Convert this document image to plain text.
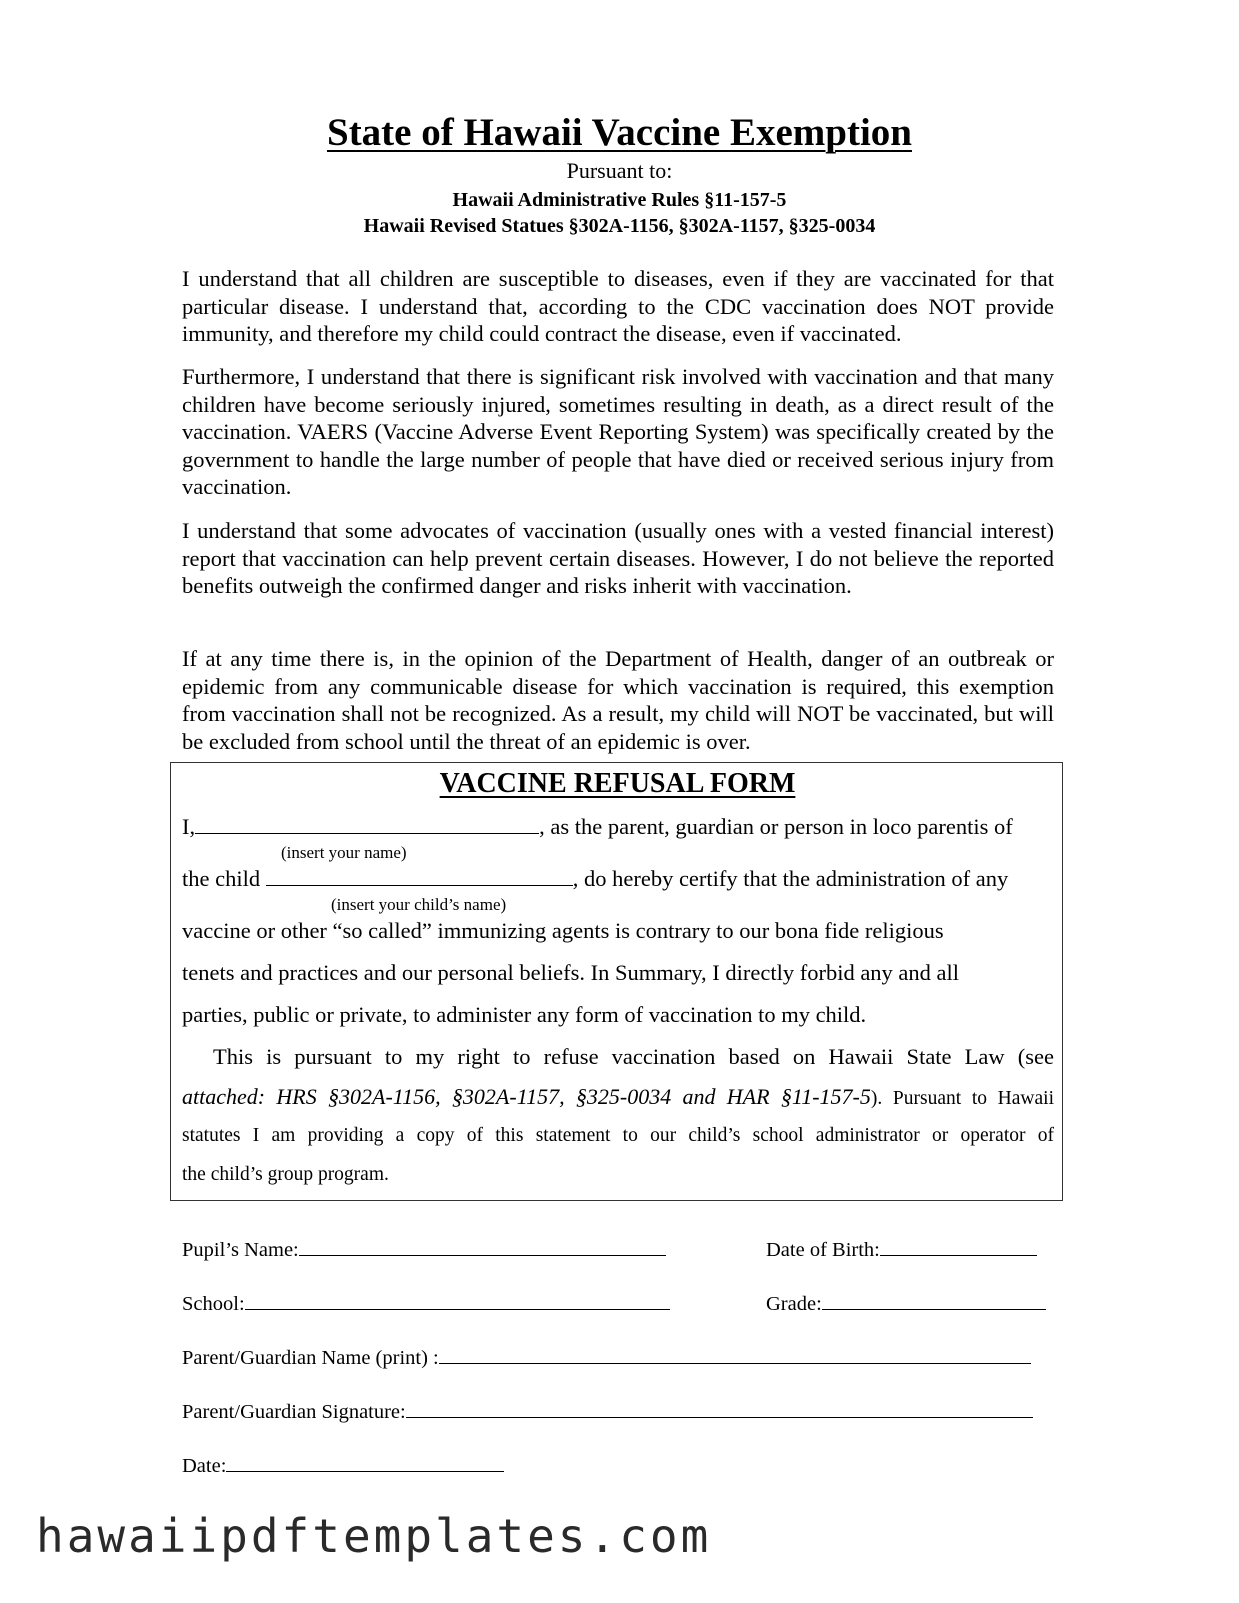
State of Hawaii Vaccine Exemption
Pursuant to:
Hawaii Administrative Rules §11-157-5
Hawaii Revised Statues §302A-1156, §302A-1157, §325-0034

I understand that all children are susceptible to diseases, even if they are vaccinated for that particular disease. I understand that, according to the CDC vaccination does NOT provide immunity, and therefore my child could contract the disease, even if vaccinated.

Furthermore, I understand that there is significant risk involved with vaccination and that many children have become seriously injured, sometimes resulting in death, as a direct result of the vaccination. VAERS (Vaccine Adverse Event Reporting System) was specifically created by the government to handle the large number of people that have died or received serious injury from vaccination.

I understand that some advocates of vaccination (usually ones with a vested financial interest) report that vaccination can help prevent certain diseases. However, I do not believe the reported benefits outweigh the confirmed danger and risks inherit with vaccination.

If at any time there is, in the opinion of the Department of Health, danger of an outbreak or epidemic from any communicable disease for which vaccination is required, this exemption from vaccination shall not be recognized. As a result, my child will NOT be vaccinated, but will be excluded from school until the threat of an epidemic is over.

VACCINE REFUSAL FORM
I,	, as the parent, guardian or person in loco parentis of
(insert your name)
the child	, do hereby certify that the administration of any
(insert your child’s name)
vaccine or other “so called” immunizing agents is contrary to our bona fide religious
tenets and practices and our personal beliefs. In Summary, I directly forbid any and all
parties, public or private, to administer any form of vaccination to my child.
This is pursuant to my right to refuse vaccination based on Hawaii State Law (see
attached: HRS §302A-1156, §302A-1157, §325-0034 and HAR §11-157-5). Pursuant to Hawaii
statutes I am providing a copy of this statement to our child’s school administrator or operator of
the child’s group program.
Pupil’s Name:	Date of Birth:
School:	Grade:
Parent/Guardian Name (print) :
Parent/Guardian Signature:
Date:
hawaiipdftemplates.com
